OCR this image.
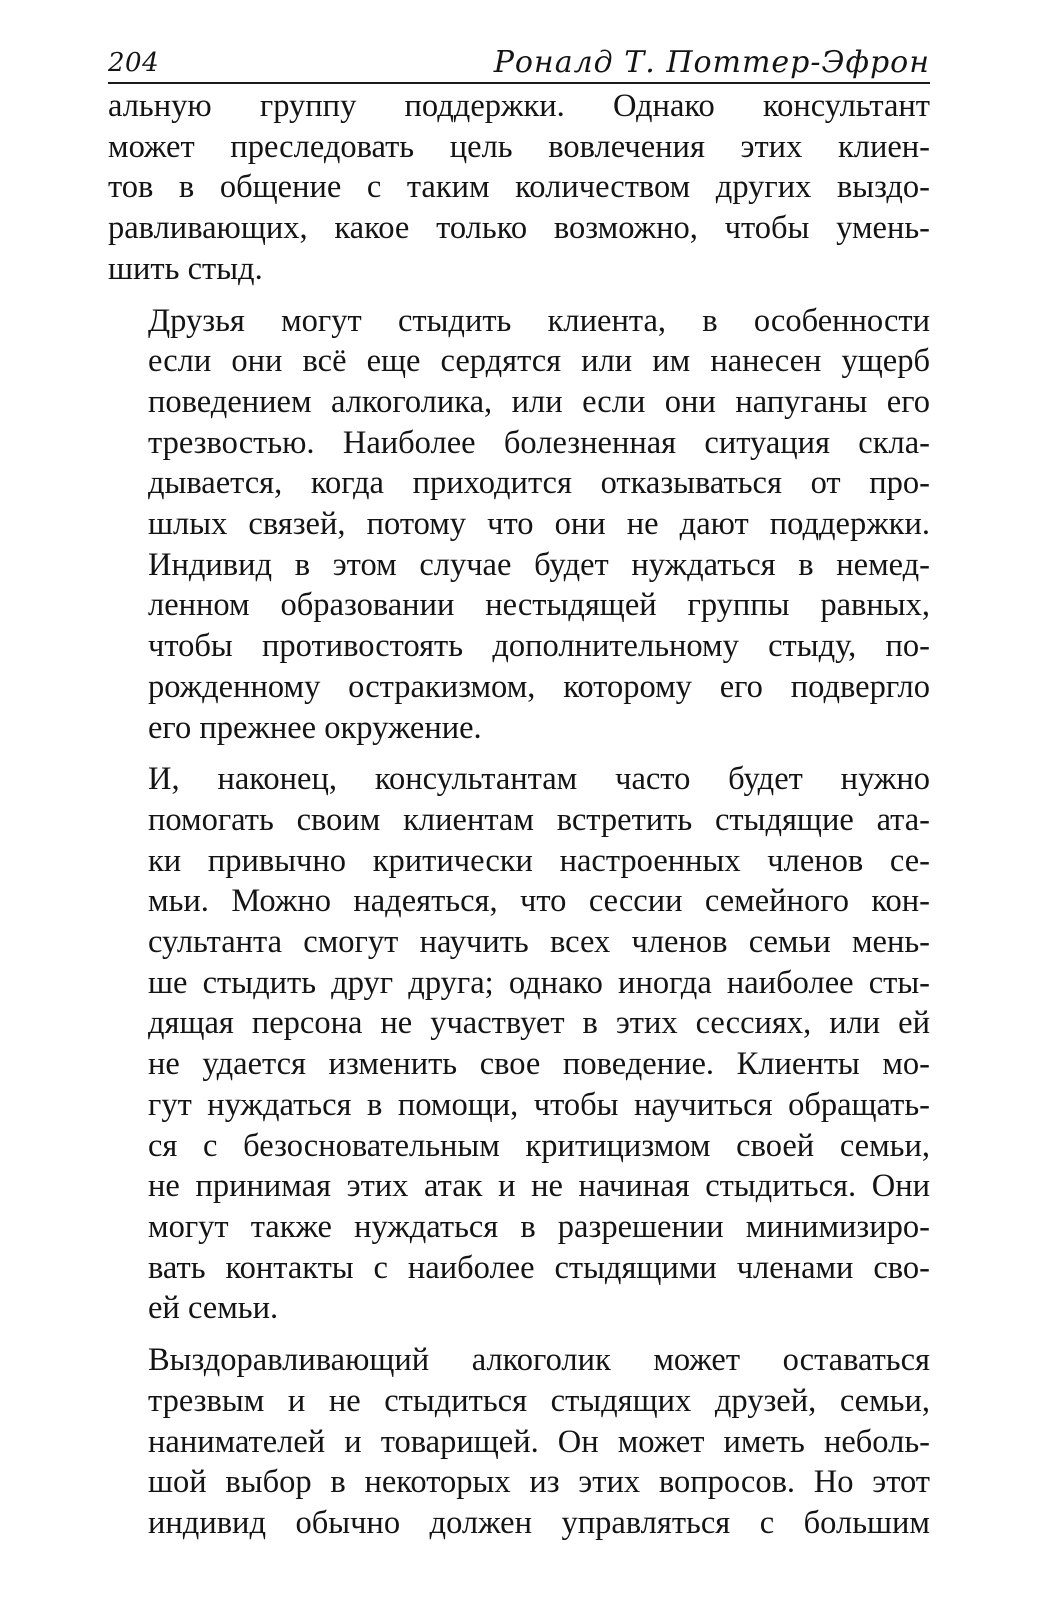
204	Роналд Т. Поттер-Эфрон

альную группу поддержки. Однако консультант
может преследовать цель вовлечения этих клиен-
тов в общение с таким количеством других выздо-
равливающих, какое только возможно, чтобы умень-
шить стыд.

Друзья могут стыдить клиента, в особенности
если они всё еще сердятся или им нанесен ущерб
поведением алкоголика, или если они напуганы его
трезвостью. Наиболее болезненная ситуация скла-
дывается, когда приходится отказываться от про-
шлых связей, потому что они не дают поддержки.
Индивид в этом случае будет нуждаться в немед-
ленном образовании нестыдящей группы равных,
чтобы противостоять дополнительному стыду, по-
рожденному остракизмом, которому его подвергло
его прежнее окружение.

И, наконец, консультантам часто будет нужно
помогать своим клиентам встретить стыдящие ата-
ки привычно критически настроенных членов се-
мьи. Можно надеяться, что сессии семейного кон-
сультанта смогут научить всех членов семьи мень-
ше стыдить друг друга; однако иногда наиболее сты-
дящая персона не участвует в этих сессиях, или ей
не удается изменить свое поведение. Клиенты мо-
гут нуждаться в помощи, чтобы научиться обращать-
ся с безосновательным критицизмом своей семьи,
не принимая этих атак и не начиная стыдиться. Они
могут также нуждаться в разрешении минимизиро-
вать контакты с наиболее стыдящими членами сво-
ей семьи.

Выздоравливающий алкоголик может оставаться
трезвым и не стыдиться стыдящих друзей, семьи,
нанимателей и товарищей. Он может иметь неболь-
шой выбор в некоторых из этих вопросов. Но этот
индивид обычно должен управляться с большим
